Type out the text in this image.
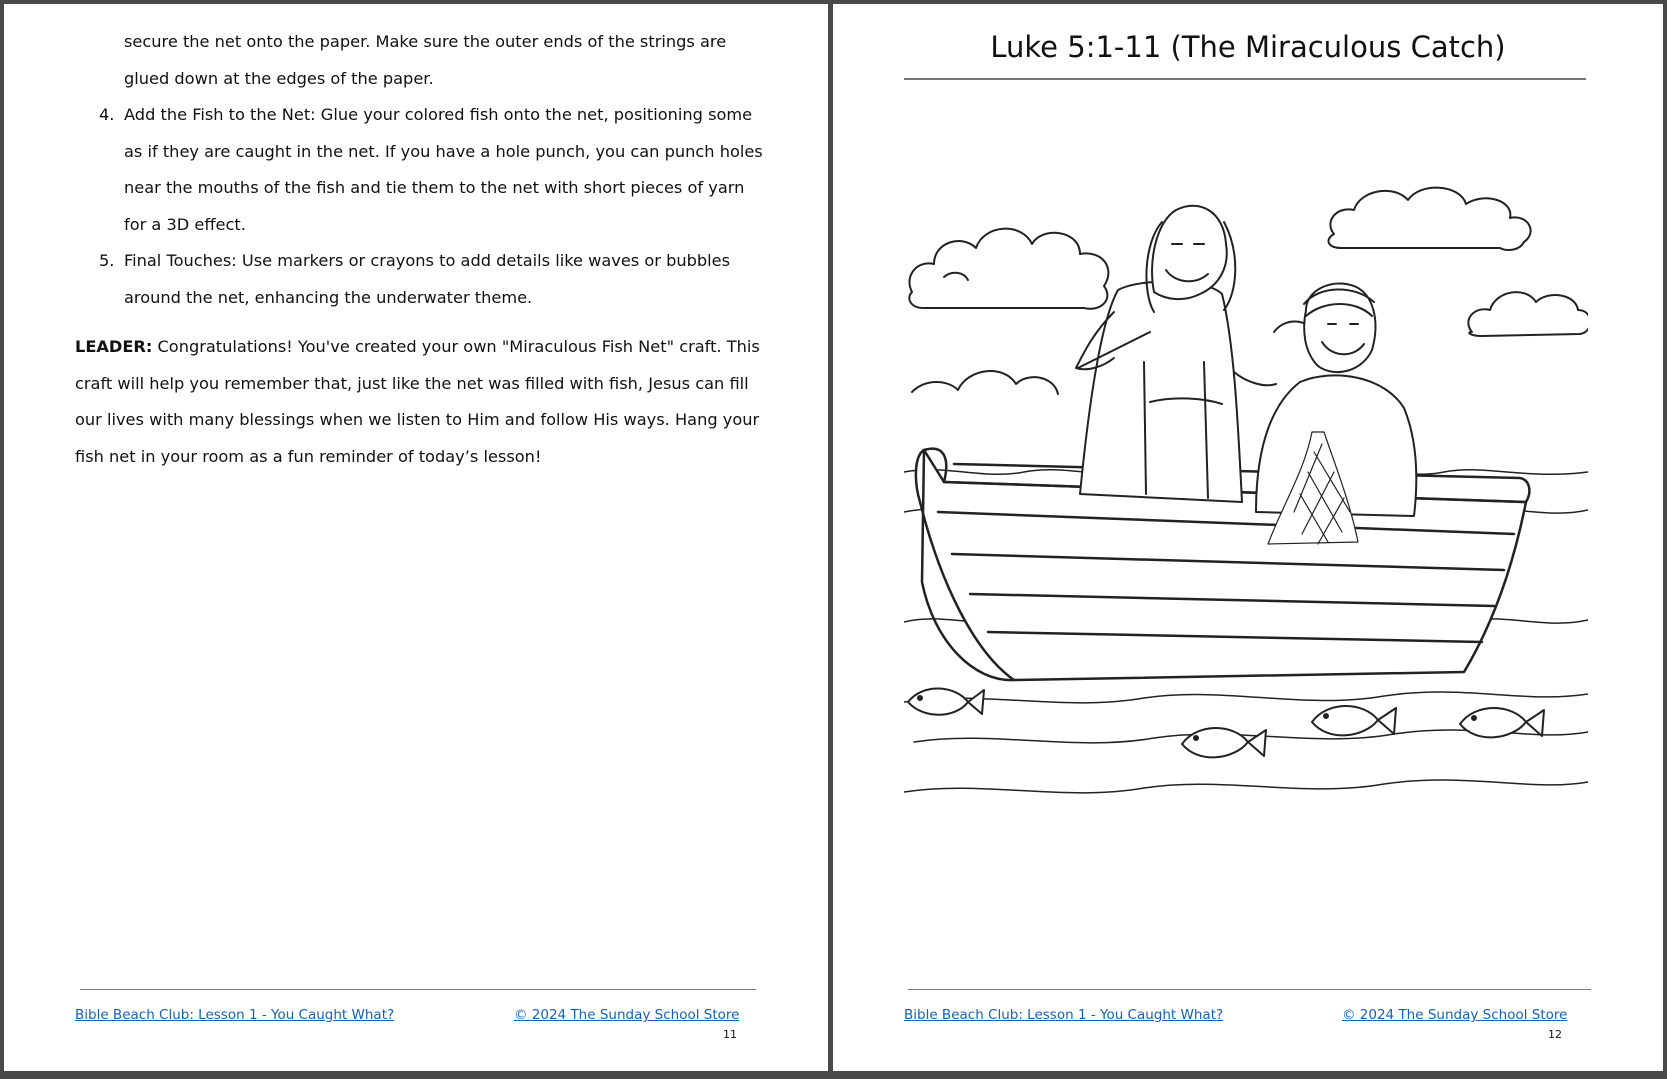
secure the net onto the paper. Make sure the outer ends of the strings are
glued down at the edges of the paper.
4. Add the Fish to the Net: Glue your colored fish onto the net, positioning some
as if they are caught in the net. If you have a hole punch, you can punch holes
near the mouths of the fish and tie them to the net with short pieces of yarn
for a 3D effect.
5. Final Touches: Use markers or crayons to add details like waves or bubbles
around the net, enhancing the underwater theme.
LEADER: Congratulations! You've created your own "Miraculous Fish Net" craft. This
craft will help you remember that, just like the net was filled with fish, Jesus can fill
our lives with many blessings when we listen to Him and follow His ways. Hang your
fish net in your room as a fun reminder of today’s lesson!
Bible Beach Club: Lesson 1 - You Caught What?	© 2024 The Sunday School Store
11
Luke 5:1-11 (The Miraculous Catch)
Bible Beach Club: Lesson 1 - You Caught What?	© 2024 The Sunday School Store
12
